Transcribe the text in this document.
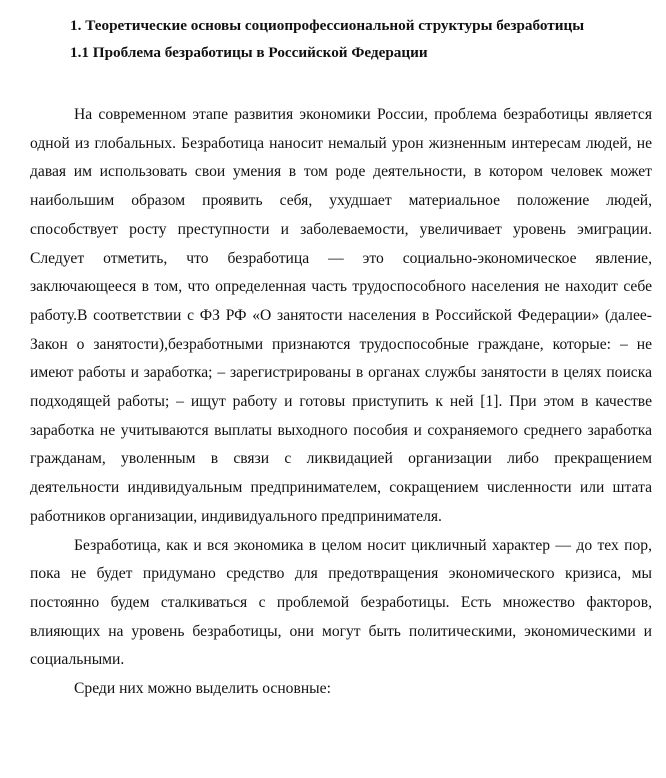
1. Теоретические основы социопрофессиональной структуры безработицы
1.1 Проблема безработицы в Российской Федерации

На современном этапе развития экономики России, проблема безработицы является одной из глобальных. Безработица наносит немалый урон жизненным интересам людей, не давая им использовать свои умения в том роде деятельности, в котором человек может наибольшим образом проявить себя, ухудшает материальное положение людей, способствует росту преступности и заболеваемости, увеличивает уровень эмиграции. Следует отметить, что безработица — это социально-экономическое явление, заключающееся в том, что определенная часть трудоспособного населения не находит себе работу.В соответствии с ФЗ РФ «О занятости населения в Российской Федерации» (далее-Закон о занятости),безработными признаются трудоспособные граждане, которые: – не имеют работы и заработка; – зарегистрированы в органах службы занятости в целях поиска подходящей работы; – ищут работу и готовы приступить к ней [1]. При этом в качестве заработка не учитываются выплаты выходного пособия и сохраняемого среднего заработка гражданам, уволенным в связи с ликвидацией организации либо прекращением деятельности индивидуальным предпринимателем, сокращением численности или штата работников организации, индивидуального предпринимателя.

Безработица, как и вся экономика в целом носит цикличный характер — до тех пор, пока не будет придумано средство для предотвращения экономического кризиса, мы постоянно будем сталкиваться с проблемой безработицы. Есть множество факторов, влияющих на уровень безработицы, они могут быть политическими, экономическими и социальными.

Среди них можно выделить основные:
